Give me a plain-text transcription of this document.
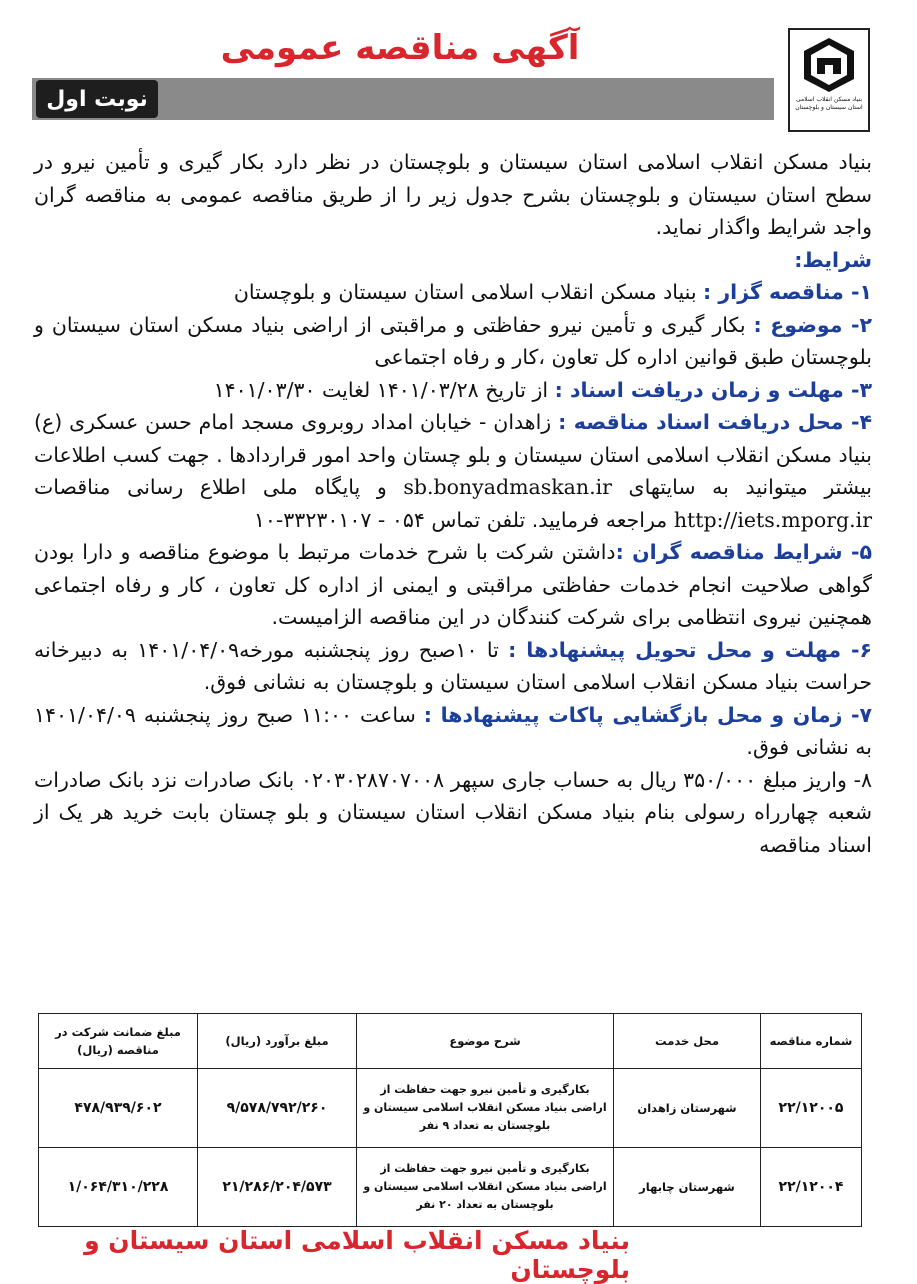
بنیاد مسکن انقلاب اسلامی استان سیستان و بلوچستان
آگهی مناقصه عمومی
نوبت اول

بنیاد مسکن انقلاب اسلامی استان سیستان و بلوچستان در نظر دارد بکار گیری و تأمین نیرو در سطح استان سیستان و بلوچستان بشرح جدول زیر را از طریق مناقصه عمومی به مناقصه گران واجد شرایط واگذار نماید.

شرایط:

۱- مناقصه گزار : بنیاد مسکن انقلاب اسلامی استان سیستان و بلوچستان

۲- موضوع : بکار گیری و تأمین نیرو حفاظتی و مراقبتی از اراضی بنیاد مسکن استان سیستان و بلوچستان طبق قوانین اداره کل تعاون ،کار و رفاه اجتماعی

۳- مهلت و زمان دریافت اسناد : از تاریخ ۱۴۰۱/۰۳/۲۸ لغایت ۱۴۰۱/۰۳/۳۰

۴- محل دریافت اسناد مناقصه : زاهدان - خیابان امداد روبروی مسجد امام حسن عسکری (ع) بنیاد مسکن انقلاب اسلامی استان سیستان و بلو چستان واحد امور قراردادها . جهت کسب اطلاعات بیشتر میتوانید به سایتهای sb.bonyadmaskan.ir و پایگاه ملی اطلاع رسانی مناقصات http://iets.mporg.ir مراجعه فرمایید. تلفن تماس ۰۵۴ - ۳۳۲۳۰۱۰۷-۱۰

۵- شرایط مناقصه گران :داشتن شرکت با شرح خدمات مرتبط با موضوع مناقصه و دارا بودن گواهی صلاحیت انجام خدمات حفاظتی مراقبتی و ایمنی از اداره کل تعاون ، کار و رفاه اجتماعی همچنین نیروی انتظامی برای شرکت کنندگان در این مناقصه الزامیست.

۶- مهلت و محل تحویل پیشنهادها : تا ۱۰صبح روز پنجشنبه مورخه۱۴۰۱/۰۴/۰۹ به دبیرخانه حراست بنیاد مسکن انقلاب اسلامی استان سیستان و بلوچستان به نشانی فوق.

۷- زمان و محل بازگشایی پاکات پیشنهادها : ساعت ۱۱:۰۰ صبح روز پنجشنبه ۱۴۰۱/۰۴/۰۹ به نشانی فوق.

۸- واریز مبلغ ۳۵۰/۰۰۰ ریال به حساب جاری سپهر ۰۲۰۳۰۲۸۷۰۷۰۰۸ بانک صادرات نزد بانک صادرات شعبه چهارراه رسولی بنام بنیاد مسکن انقلاب استان سیستان و بلو چستان بابت خرید هر یک از اسناد مناقصه

شماره مناقصه	محل خدمت	شرح موضوع	مبلغ برآورد (ریال)	مبلغ ضمانت شرکت در مناقصه (ریال)
۲۲/۱۲۰۰۵	شهرستان زاهدان	بکارگیری و تأمین نیرو جهت حفاظت از اراضی بنیاد مسکن انقلاب اسلامی سیستان و بلوچستان به تعداد ۹ نفر	۹/۵۷۸/۷۹۲/۲۶۰	۴۷۸/۹۳۹/۶۰۲
۲۲/۱۲۰۰۴	شهرستان چابهار	بکارگیری و تأمین نیرو جهت حفاظت از اراضی بنیاد مسکن انقلاب اسلامی سیستان و بلوچستان به تعداد ۲۰ نفر	۲۱/۲۸۶/۲۰۴/۵۷۳	۱/۰۶۴/۳۱۰/۲۲۸
بنیاد مسکن انقلاب اسلامی استان سیستان و بلوچستان
